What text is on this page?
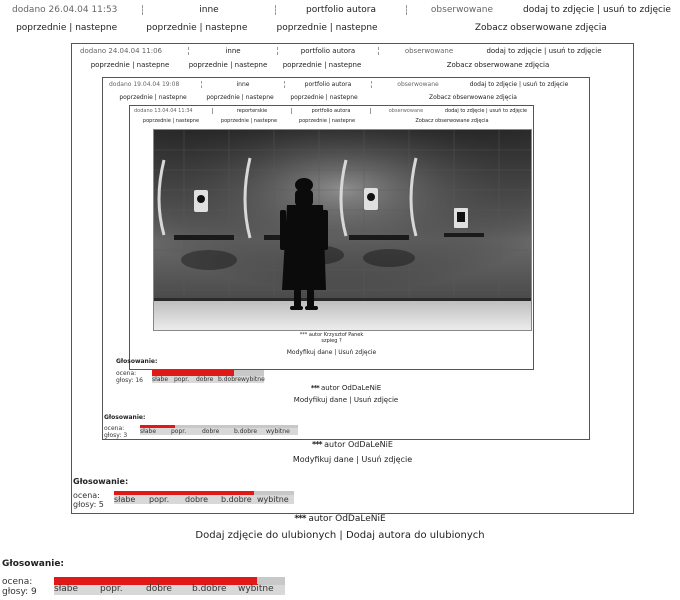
dodano 26.04.04 11:53	inne	portfolio autora	obserwowane	dodaj to zdjęcie | usuń to zdjęcie
poprzednie | nastepne	poprzednie | nastepne	poprzednie | nastepne	Zobacz obserwowane zdjęcia
dodano 24.04.04 11:06	inne	portfolio autora	obserwowane	dodaj to zdjęcie | usuń to zdjęcie
poprzednie | nastepne	poprzednie | nastepne	poprzednie | nastepne	Zobacz obserwowane zdjęcia
dodano 19.04.04 19:08	inne	portfolio autora	obserwowane	dodaj to zdjęcie | usuń to zdjęcie
poprzednie | nastepne	poprzednie | nastepne	poprzednie | nastepne	Zobacz obserwowane zdjęcia
dodano 13.04.04 11:34	reporterskie	portfolio autora	obserwowane	dodaj to zdjęcie | usuń to zdjęcie
poprzednie | nastepne	poprzednie | nastepne	poprzednie | nastepne	Zobacz obserwowane zdjęcia
*** autor Krzysztof Panek
szpieg ?
Modyfikuj dane | Usuń zdjęcie
Głosowanie:
ocena:
głosy: 16	słabe popr.	dobre b.dobre wybitne
*** autor OdDaLeNiE
Modyfikuj dane | Usuń zdjęcie
Głosowanie:
ocena:
głosy: 3
słabe	popr.	dobre	b.dobre	wybitne
*** autor OdDaLeNiE
Modyfikuj dane | Usuń zdjęcie
Głosowanie:
ocena:
głosy: 5
słabe	popr.	dobre	b.dobre wybitne
*** autor OdDaLeNiE
Dodaj zdjęcie do ulubionych | Dodaj autora do ulubionych
Głosowanie:
ocena:
głosy: 9	słabe	popr.	dobre	b.dobre	wybitne
